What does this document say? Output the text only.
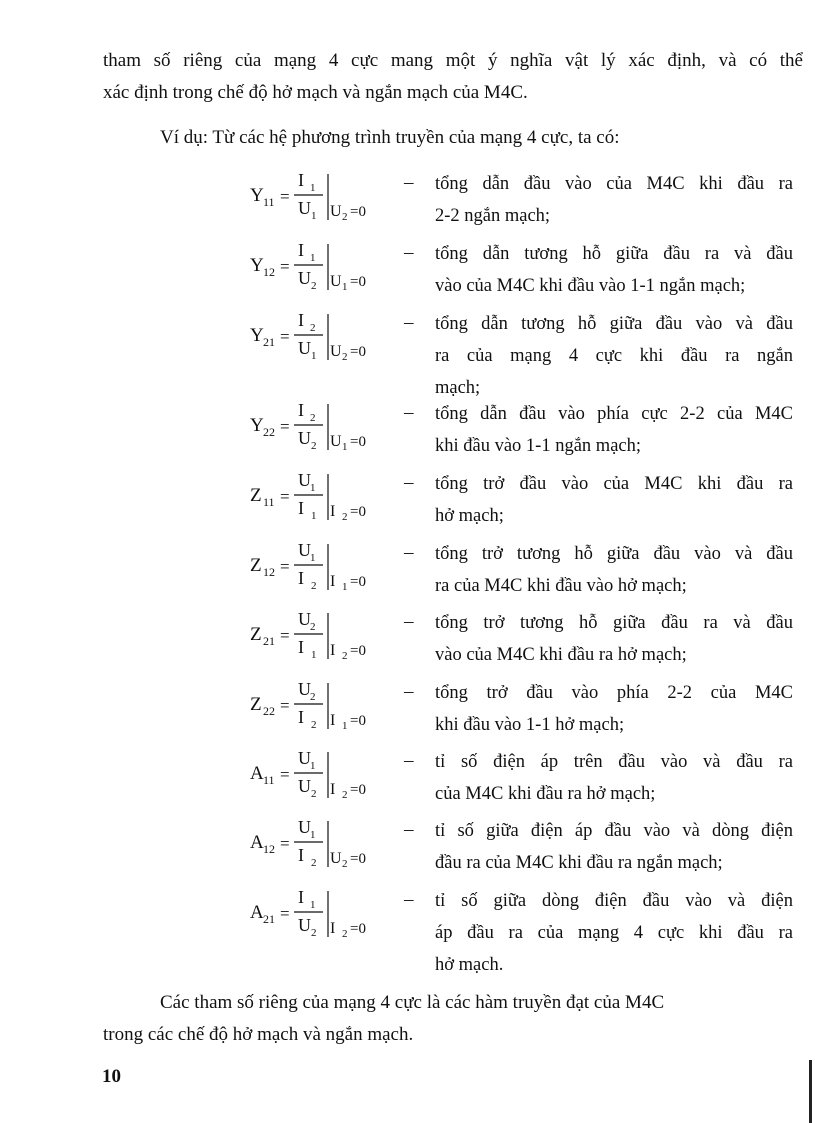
tham số riêng của mạng 4 cực mang một ý nghĩa vật lý xác định, và có thể
xác định trong chế độ hở mạch và ngắn mạch của M4C.

Ví dụ: Từ các hệ phương trình truyền của mạng 4 cực, ta có:

Y 11 =
I 1
U 1 U 2 =0
– tổng dẫn đầu vào của M4C khi đầu ra
2-2 ngắn mạch;
Y 12 =
I 1
U 2 U 1 =0
– tổng dẫn tương hỗ giữa đầu ra và đầu
vào của M4C khi đầu vào 1-1 ngắn mạch;
Y 21 =
I 2
U 1 U 2 =0
– tổng dẫn tương hỗ giữa đầu vào và đầu
ra của mạng 4 cực khi đầu ra ngắn
mạch;
Y 22 =
I 2
U 2 U 1 =0
– tổng dẫn đầu vào phía cực 2-2 của M4C
khi đầu vào 1-1 ngắn mạch;
Z 11 =
U 1
I 1 I 2 =0
– tổng trở đầu vào của M4C khi đầu ra
hở mạch;
Z 12 =
U 1
I 2 I 1 =0
– tổng trở tương hỗ giữa đầu vào và đầu
ra của M4C khi đầu vào hở mạch;
Z 21 =
U 2
I 1 I 2 =0
– tổng trở tương hỗ giữa đầu ra và đầu
vào của M4C khi đầu ra hở mạch;
Z 22 =
U 2
I 2 I 1 =0
– tổng trở đầu vào phía 2-2 của M4C
khi đầu vào 1-1 hở mạch;
A 11 =
U 1
U 2 I 2 =0
– tỉ số điện áp trên đầu vào và đầu ra
của M4C khi đầu ra hở mạch;
A 12 =
U 1
I 2 U 2 =0
– tỉ số giữa điện áp đầu vào và dòng điện
đầu ra của M4C khi đầu ra ngắn mạch;
A 21 =
I 1
U 2 I 2 =0
– tỉ số giữa dòng điện đầu vào và điện
áp đầu ra của mạng 4 cực khi đầu ra
hở mạch.

Các tham số riêng của mạng 4 cực là các hàm truyền đạt của M4C
trong các chế độ hở mạch và ngắn mạch.

10
